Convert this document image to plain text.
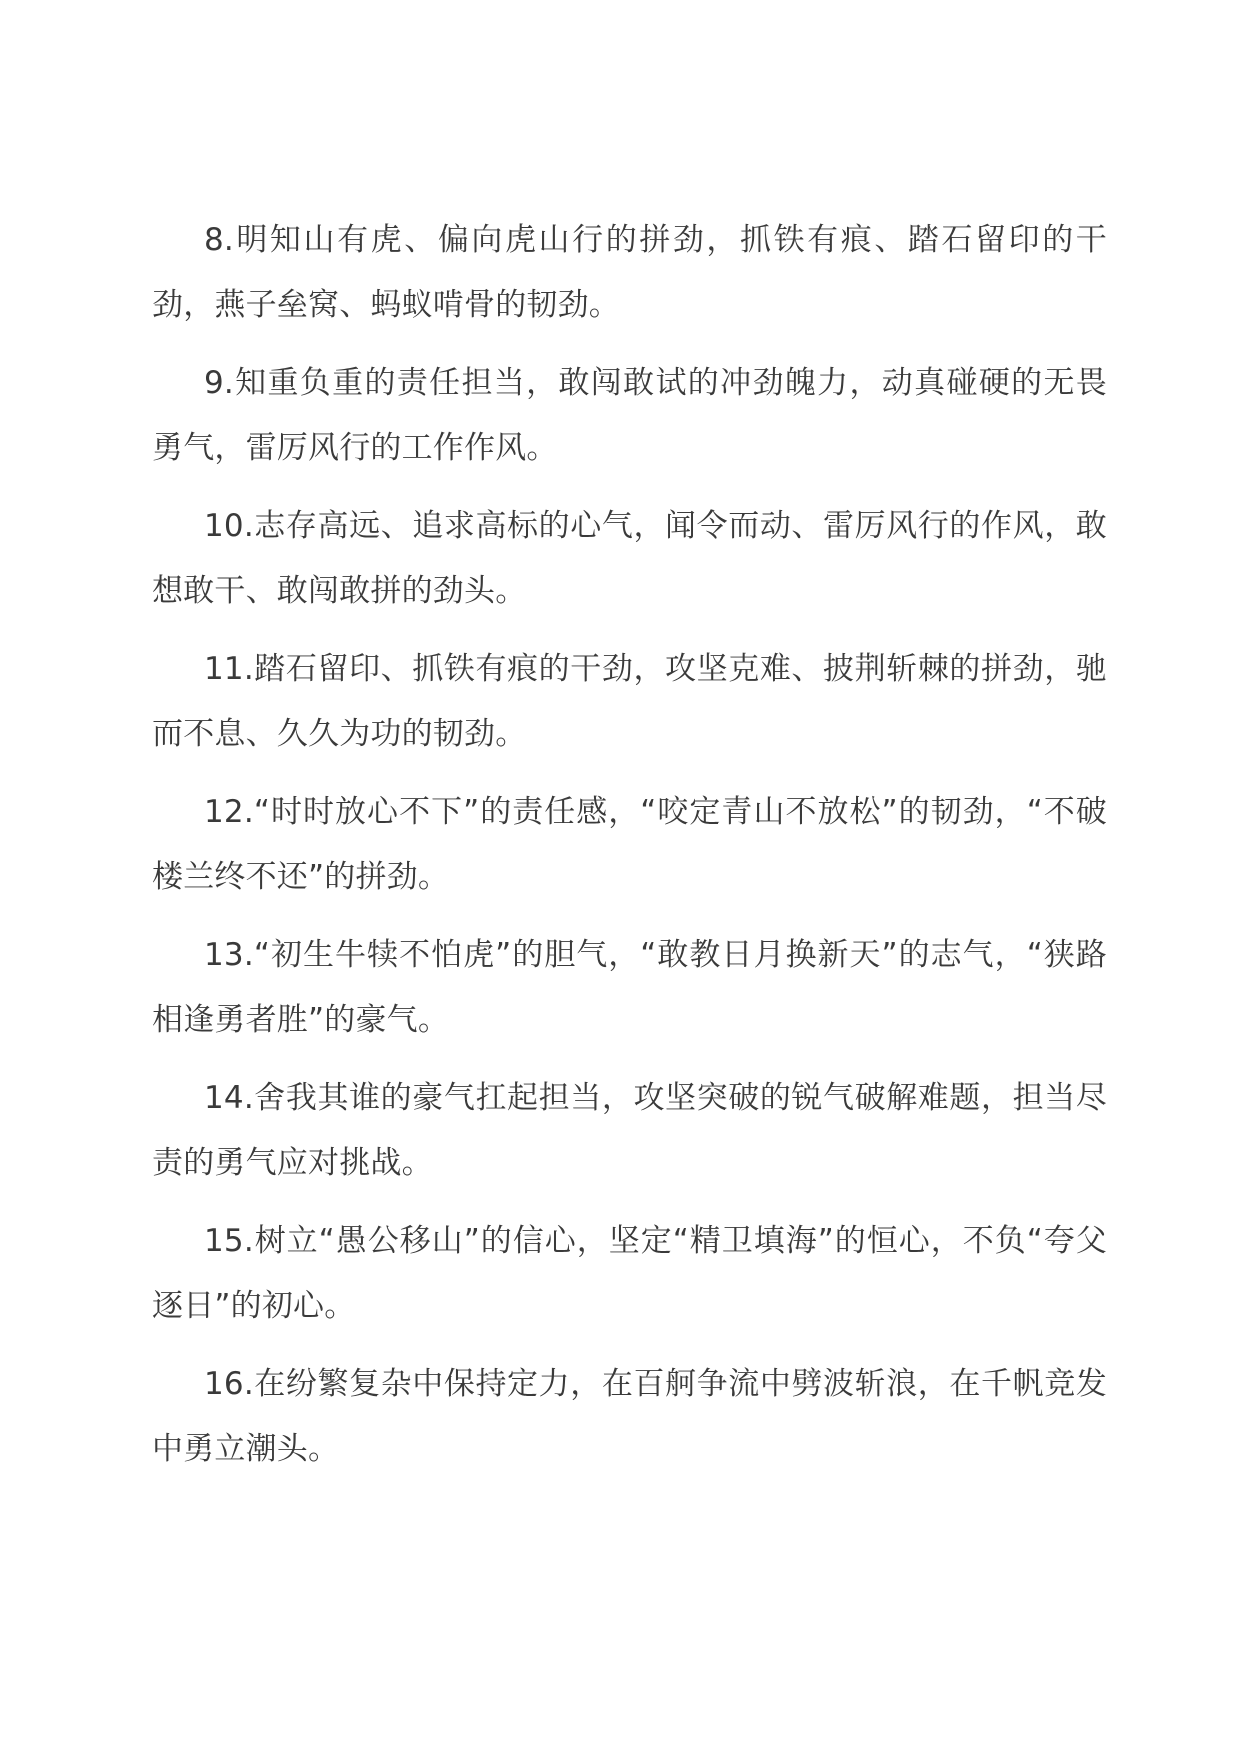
8.明知山有虎、偏向虎山行的拼劲，抓铁有痕、踏石留印的干劲，燕子垒窝、蚂蚁啃骨的韧劲。

9.知重负重的责任担当，敢闯敢试的冲劲魄力，动真碰硬的无畏勇气，雷厉风行的工作作风。

10.志存高远、追求高标的心气，闻令而动、雷厉风行的作风，敢想敢干、敢闯敢拼的劲头。

11.踏石留印、抓铁有痕的干劲，攻坚克难、披荆斩棘的拼劲，驰而不息、久久为功的韧劲。

12.“时时放心不下”的责任感，“咬定青山不放松”的韧劲，“不破楼兰终不还”的拼劲。

13.“初生牛犊不怕虎”的胆气，“敢教日月换新天”的志气，“狭路相逢勇者胜”的豪气。

14.舍我其谁的豪气扛起担当，攻坚突破的锐气破解难题，担当尽责的勇气应对挑战。

15.树立“愚公移山”的信心，坚定“精卫填海”的恒心，不负“夸父逐日”的初心。

16.在纷繁复杂中保持定力，在百舸争流中劈波斩浪，在千帆竞发中勇立潮头。
